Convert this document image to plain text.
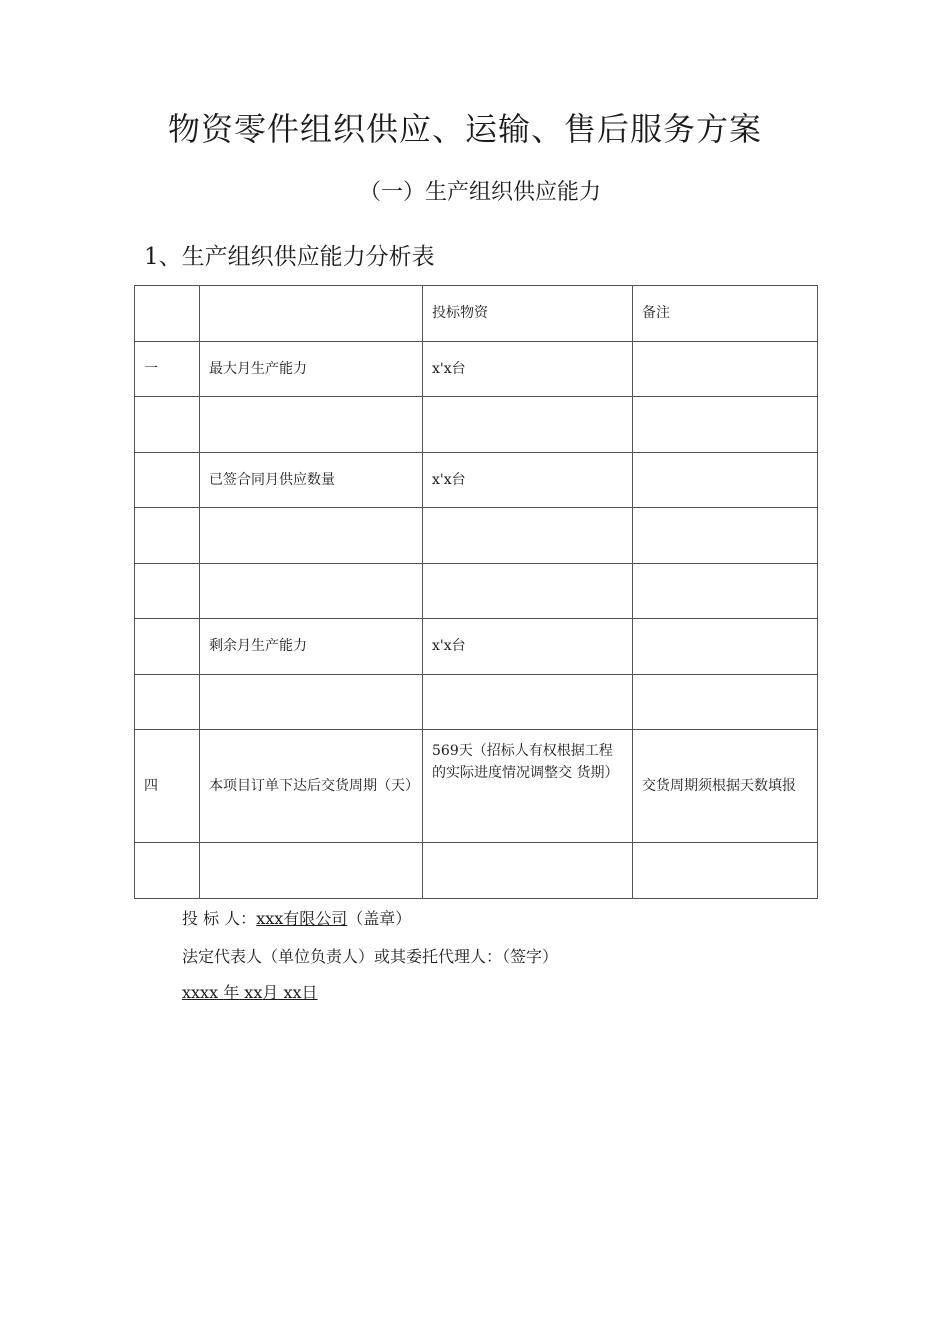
物资零件组织供应、运输、售后服务方案
（一）生产组织供应能力
1、生产组织供应能力分析表
		投标物资	备注
一	最大月生产能力	x'x台	

	已签合同月供应数量	x'x台	

	剩余月生产能力	x'x台	

四	本项目订单下达后交货周期（天）	569天（招标人有权根据工程的实际进度情况调整交 货期）	交货周期须根据天数填报

投 标 人：xxx有限公司（盖章）
法定代表人（单位负责人）或其委托代理人：（签字）
xxxx 年 xx月 xx日
